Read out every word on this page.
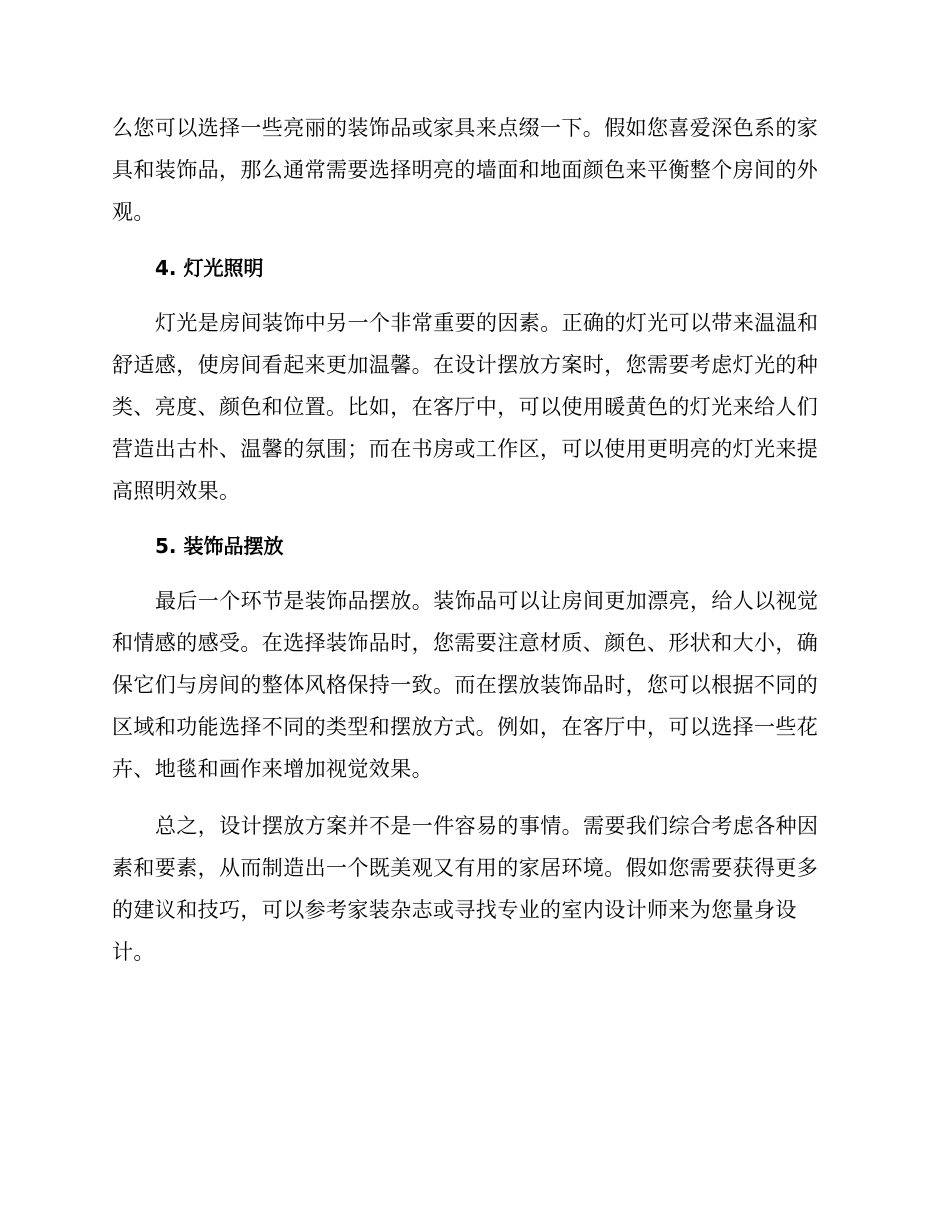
么您可以选择一些亮丽的装饰品或家具来点缀一下。假如您喜爱深色系的家
具和装饰品，那么通常需要选择明亮的墙面和地面颜色来平衡整个房间的外
观。
4. 灯光照明
灯光是房间装饰中另一个非常重要的因素。正确的灯光可以带来温温和
舒适感，使房间看起来更加温馨。在设计摆放方案时，您需要考虑灯光的种
类、亮度、颜色和位置。比如，在客厅中，可以使用暖黄色的灯光来给人们
营造出古朴、温馨的氛围；而在书房或工作区，可以使用更明亮的灯光来提
高照明效果。
5. 装饰品摆放
最后一个环节是装饰品摆放。装饰品可以让房间更加漂亮，给人以视觉
和情感的感受。在选择装饰品时，您需要注意材质、颜色、形状和大小，确
保它们与房间的整体风格保持一致。而在摆放装饰品时，您可以根据不同的
区域和功能选择不同的类型和摆放方式。例如，在客厅中，可以选择一些花
卉、地毯和画作来增加视觉效果。
总之，设计摆放方案并不是一件容易的事情。需要我们综合考虑各种因
素和要素，从而制造出一个既美观又有用的家居环境。假如您需要获得更多
的建议和技巧，可以参考家装杂志或寻找专业的室内设计师来为您量身设
计。
